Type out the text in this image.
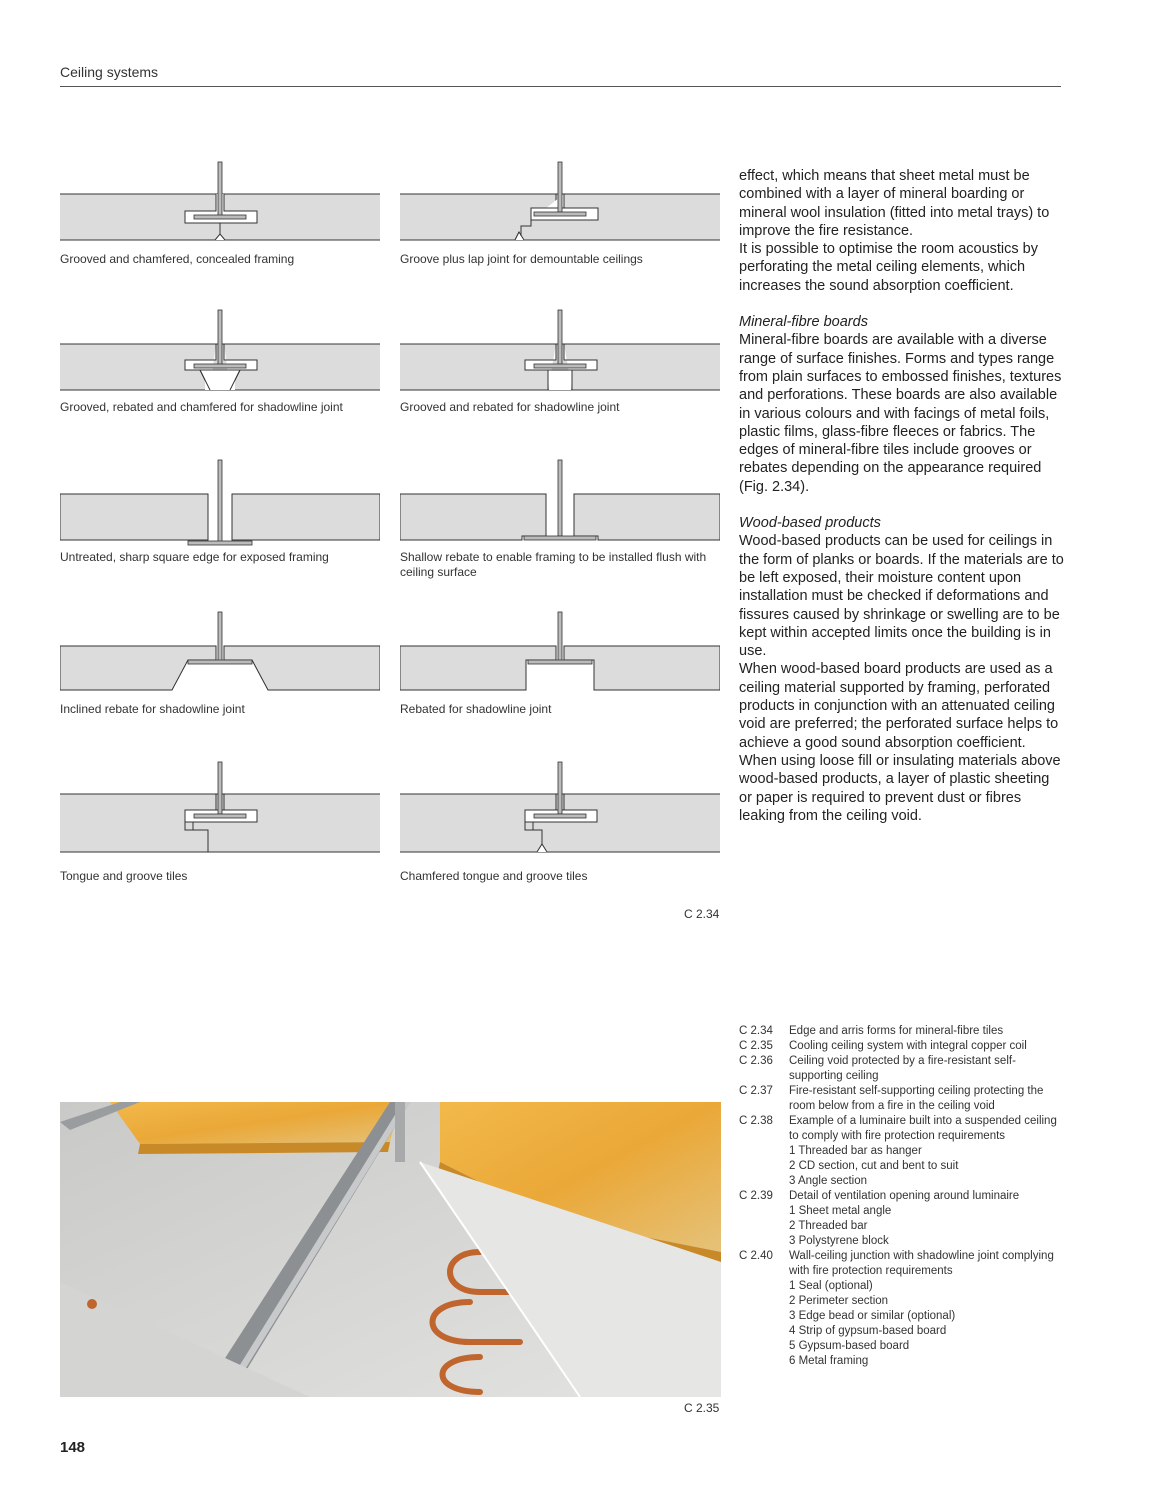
Ceiling systems
Grooved and chamfered, concealed framing	Groove plus lap joint for demountable ceilings
Grooved, rebated and chamfered for shadowline joint	Grooved and rebated for shadowline joint
Untreated, sharp square edge for exposed framing	Shallow rebate to enable framing to be installed flush with ceiling surface
Inclined rebate for shadowline joint	Rebated for shadowline joint
Tongue and groove tiles	Chamfered tongue and groove tiles
C 2.34

effect, which means that sheet metal must be combined with a layer of mineral boarding or mineral wool insulation (fitted into metal trays) to improve the fire resistance.

It is possible to optimise the room acoustics by perforating the metal ceiling elements, which increases the sound absorption coefficient.

Mineral-fibre boards

Mineral-fibre boards are available with a diverse range of surface finishes. Forms and types range from plain surfaces to embossed finishes, textures and perforations. These boards are also available in various colours and with facings of metal foils, plastic films, glass-fibre fleeces or fabrics. The edges of mineral-fibre tiles include grooves or rebates depending on the appearance required (Fig. 2.34).

Wood-based products

Wood-based products can be used for ceilings in the form of planks or boards. If the materials are to be left exposed, their moisture content upon installation must be checked if deformations and fissures caused by shrinkage or swelling are to be kept within accepted limits once the building is in use.

When wood-based board products are used as a ceiling material supported by framing, perforated products in conjunction with an attenuated ceiling void are preferred; the perforated surface helps to achieve a good sound absorption coefficient.

When using loose fill or insulating materials above wood-based products, a layer of plastic sheeting or paper is required to prevent dust or fibres leaking from the ceiling void.

C 2.34	Edge and arris forms for mineral-fibre tiles
C 2.35	Cooling ceiling system with integral copper coil
C 2.36	Ceiling void protected by a fire-resistant self-supporting ceiling
C 2.37	Fire-resistant self-supporting ceiling protecting the room below from a fire in the ceiling void
C 2.38	Example of a luminaire built into a suspended ceiling to comply with fire protection requirements
1 Threaded bar as hanger
2 CD section, cut and bent to suit
3 Angle section
C 2.39	Detail of ventilation opening around luminaire
1 Sheet metal angle
2 Threaded bar
3 Polystyrene block
C 2.40	Wall-ceiling junction with shadowline joint complying with fire protection requirements
1 Seal (optional)
2 Perimeter section
3 Edge bead or similar (optional)
4 Strip of gypsum-based board
5 Gypsum-based board
6 Metal framing
C 2.35
148
